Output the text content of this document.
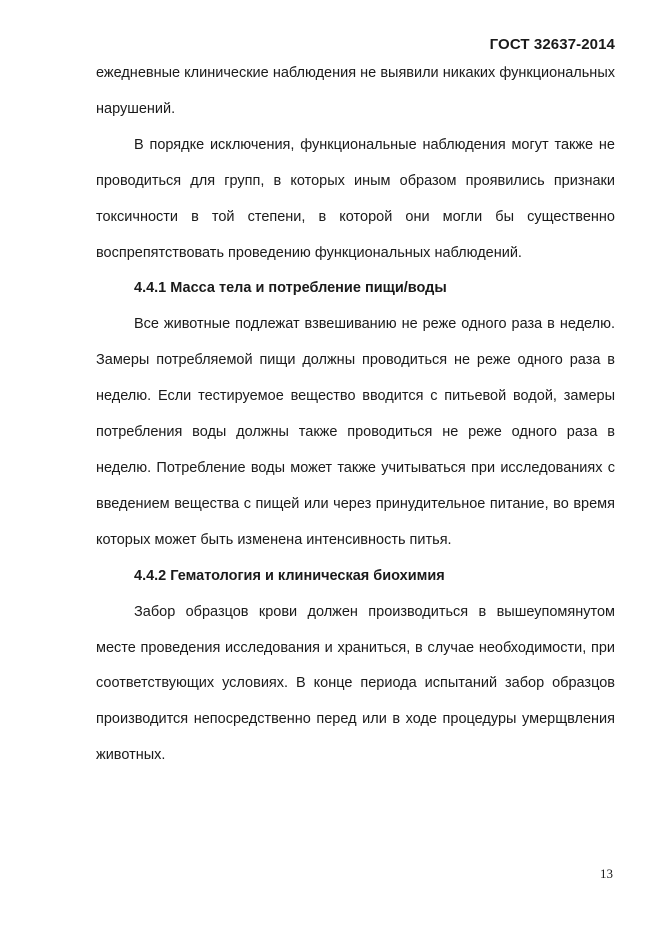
ГОСТ 32637-2014

ежедневные клинические наблюдения не выявили никаких функциональных нарушений.

В порядке исключения, функциональные наблюдения могут также не проводиться для групп, в которых иным образом проявились признаки токсичности в той степени, в которой они могли бы существенно воспрепятствовать проведению функциональных наблюдений.

4.4.1 Масса тела и потребление пищи/воды

Все животные подлежат взвешиванию не реже одного раза в неделю. Замеры потребляемой пищи должны проводиться не реже одного раза в неделю. Если тестируемое вещество вводится с питьевой водой, замеры потребления воды должны также проводиться не реже одного раза в неделю. Потребление воды может также учитываться при исследованиях с введением вещества с пищей или через принудительное питание, во время которых может быть изменена интенсивность питья.

4.4.2 Гематология и клиническая биохимия

Забор образцов крови должен производиться в вышеупомянутом месте проведения исследования и храниться, в случае необходимости, при соответствующих условиях. В конце периода испытаний забор образцов производится непосредственно перед или в ходе процедуры умерщвления животных.

13
